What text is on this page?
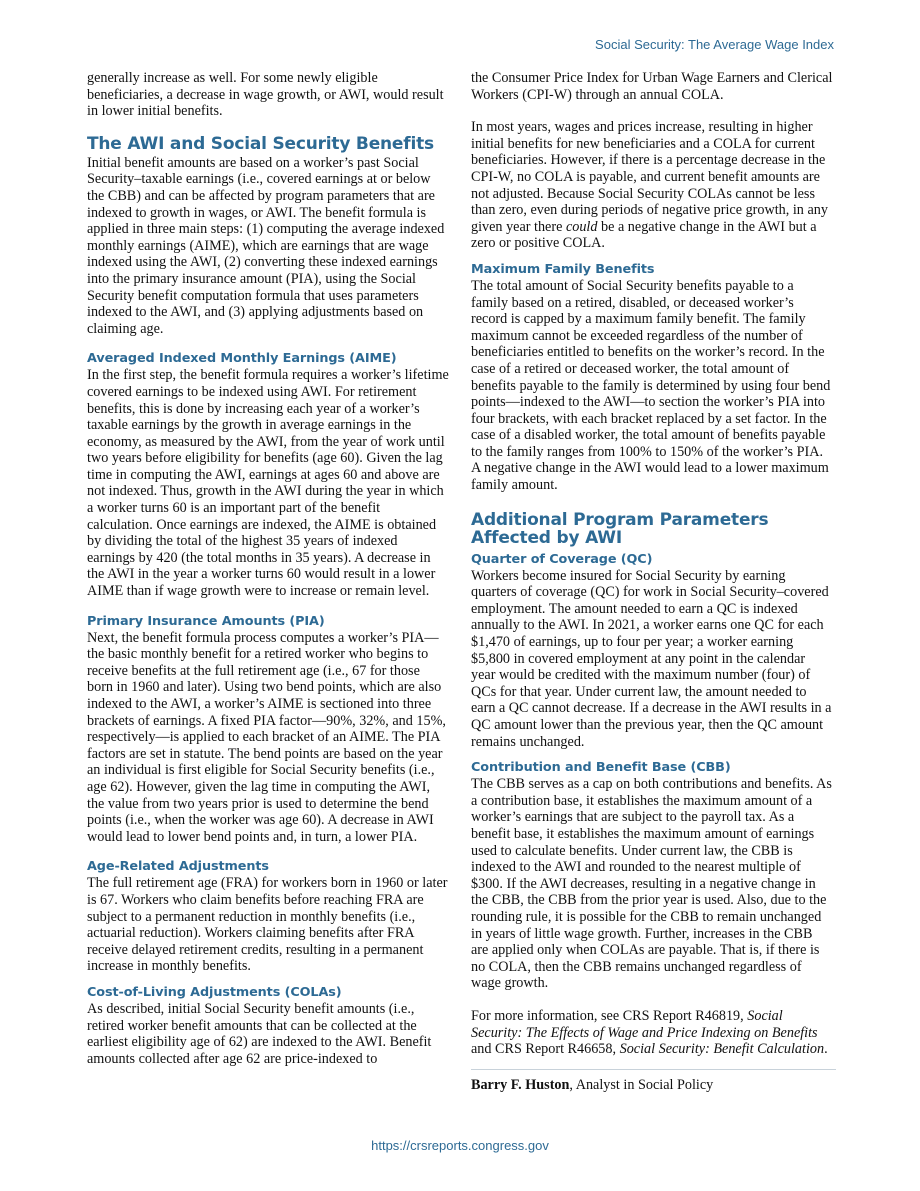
Social Security: The Average Wage Index

generally increase as well. For some newly eligible beneficiaries, a decrease in wage growth, or AWI, would result in lower initial benefits.

The AWI and Social Security Benefits

Initial benefit amounts are based on a worker’s past Social Security–taxable earnings (i.e., covered earnings at or below the CBB) and can be affected by program parameters that are indexed to growth in wages, or AWI. The benefit formula is applied in three main steps: (1) computing the average indexed monthly earnings (AIME), which are earnings that are wage indexed using the AWI, (2) converting these indexed earnings into the primary insurance amount (PIA), using the Social Security benefit computation formula that uses parameters indexed to the AWI, and (3) applying adjustments based on claiming age.

Averaged Indexed Monthly Earnings (AIME)

In the first step, the benefit formula requires a worker’s lifetime covered earnings to be indexed using AWI. For retirement benefits, this is done by increasing each year of a worker’s taxable earnings by the growth in average earnings in the economy, as measured by the AWI, from the year of work until two years before eligibility for benefits (age 60). Given the lag time in computing the AWI, earnings at ages 60 and above are not indexed. Thus, growth in the AWI during the year in which a worker turns 60 is an important part of the benefit calculation. Once earnings are indexed, the AIME is obtained by dividing the total of the highest 35 years of indexed earnings by 420 (the total months in 35 years). A decrease in the AWI in the year a worker turns 60 would result in a lower AIME than if wage growth were to increase or remain level.

Primary Insurance Amounts (PIA)

Next, the benefit formula process computes a worker’s PIA—the basic monthly benefit for a retired worker who begins to receive benefits at the full retirement age (i.e., 67 for those born in 1960 and later). Using two bend points, which are also indexed to the AWI, a worker’s AIME is sectioned into three brackets of earnings. A fixed PIA factor—90%, 32%, and 15%, respectively—is applied to each bracket of an AIME. The PIA factors are set in statute. The bend points are based on the year an individual is first eligible for Social Security benefits (i.e., age 62). However, given the lag time in computing the AWI, the value from two years prior is used to determine the bend points (i.e., when the worker was age 60). A decrease in AWI would lead to lower bend points and, in turn, a lower PIA.

Age-Related Adjustments

The full retirement age (FRA) for workers born in 1960 or later is 67. Workers who claim benefits before reaching FRA are subject to a permanent reduction in monthly benefits (i.e., actuarial reduction). Workers claiming benefits after FRA receive delayed retirement credits, resulting in a permanent increase in monthly benefits.

Cost-of-Living Adjustments (COLAs)

As described, initial Social Security benefit amounts (i.e., retired worker benefit amounts that can be collected at the earliest eligibility age of 62) are indexed to the AWI. Benefit amounts collected after age 62 are price-indexed to

the Consumer Price Index for Urban Wage Earners and Clerical Workers (CPI-W) through an annual COLA.

In most years, wages and prices increase, resulting in higher initial benefits for new beneficiaries and a COLA for current beneficiaries. However, if there is a percentage decrease in the CPI-W, no COLA is payable, and current benefit amounts are not adjusted. Because Social Security COLAs cannot be less than zero, even during periods of negative price growth, in any given year there could be a negative change in the AWI but a zero or positive COLA.

Maximum Family Benefits

The total amount of Social Security benefits payable to a family based on a retired, disabled, or deceased worker’s record is capped by a maximum family benefit. The family maximum cannot be exceeded regardless of the number of beneficiaries entitled to benefits on the worker’s record. In the case of a retired or deceased worker, the total amount of benefits payable to the family is determined by using four bend points—indexed to the AWI—to section the worker’s PIA into four brackets, with each bracket replaced by a set factor. In the case of a disabled worker, the total amount of benefits payable to the family ranges from 100% to 150% of the worker’s PIA. A negative change in the AWI would lead to a lower maximum family amount.

Additional Program Parameters Affected by AWI
Quarter of Coverage (QC)

Workers become insured for Social Security by earning quarters of coverage (QC) for work in Social Security–covered employment. The amount needed to earn a QC is indexed annually to the AWI. In 2021, a worker earns one QC for each $1,470 of earnings, up to four per year; a worker earning $5,800 in covered employment at any point in the calendar year would be credited with the maximum number (four) of QCs for that year. Under current law, the amount needed to earn a QC cannot decrease. If a decrease in the AWI results in a QC amount lower than the previous year, then the QC amount remains unchanged.

Contribution and Benefit Base (CBB)

The CBB serves as a cap on both contributions and benefits. As a contribution base, it establishes the maximum amount of a worker’s earnings that are subject to the payroll tax. As a benefit base, it establishes the maximum amount of earnings used to calculate benefits. Under current law, the CBB is indexed to the AWI and rounded to the nearest multiple of $300. If the AWI decreases, resulting in a negative change in the CBB, the CBB from the prior year is used. Also, due to the rounding rule, it is possible for the CBB to remain unchanged in years of little wage growth. Further, increases in the CBB are applied only when COLAs are payable. That is, if there is no COLA, then the CBB remains unchanged regardless of wage growth.

For more information, see CRS Report R46819, Social Security: The Effects of Wage and Price Indexing on Benefits and CRS Report R46658, Social Security: Benefit Calculation.

Barry F. Huston, Analyst in Social Policy
https://crsreports.congress.gov
